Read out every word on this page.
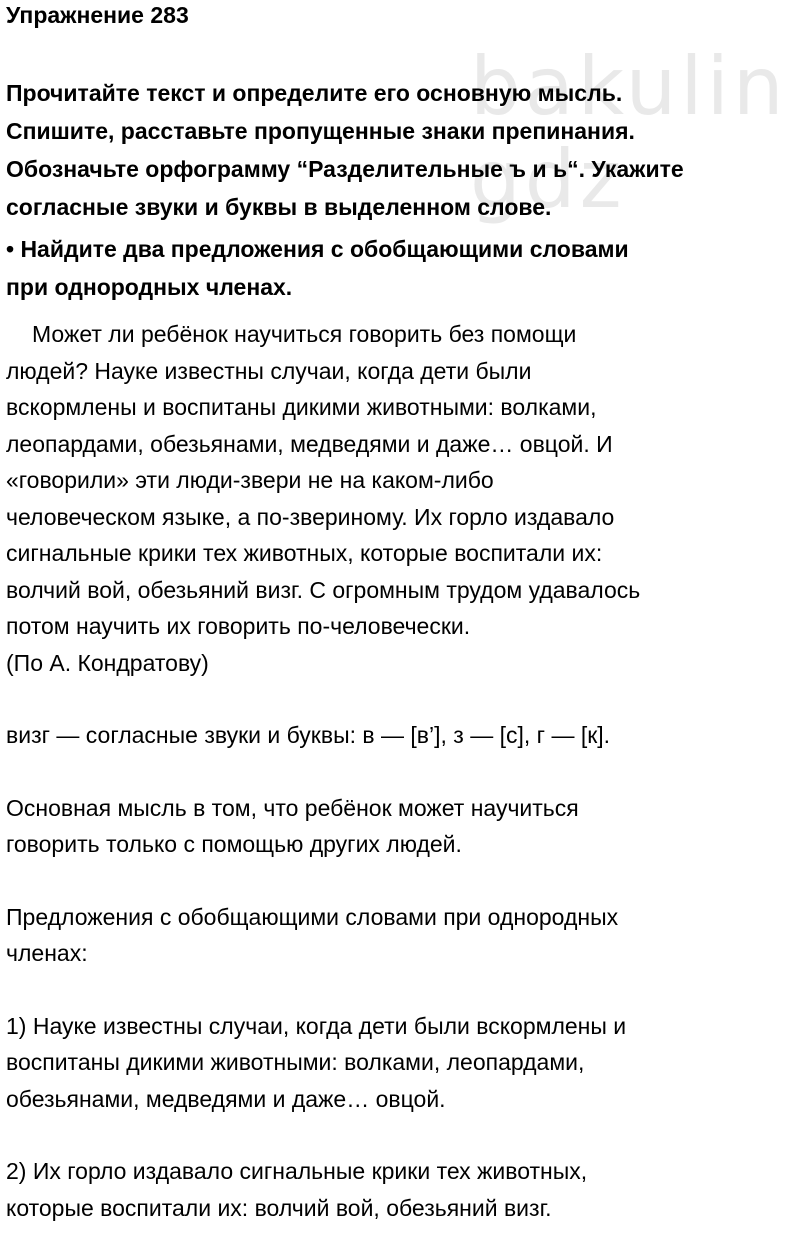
bakulin gdz
Упражнение 283

Прочитайте текст и определите его основную мысль.
Спишите, расставьте пропущенные знаки препинания.
Обозначьте орфограмму “Разделительные ъ и ь“. Укажите
согласные звуки и буквы в выделенном слове.

• Найдите два предложения с обобщающими словами
при однородных членах.

Может ли ребёнок научиться говорить без помощи
людей? Науке известны случаи, когда дети были
вскормлены и воспитаны дикими животными: волками,
леопардами, обезьянами, медведями и даже… овцой. И
«говорили» эти люди-звери не на каком-либо
человеческом языке, а по-звериному. Их горло издавало
сигнальные крики тех животных, которые воспитали их:
волчий вой, обезьяний визг. С огромным трудом удавалось
потом научить их говорить по-человечески.
(По А. Кондратову)

визг — согласные звуки и буквы: в — [в’], з — [с], г — [к].

Основная мысль в том, что ребёнок может научиться
говорить только с помощью других людей.

Предложения с обобщающими словами при однородных
членах:

1) Науке известны случаи, когда дети были вскормлены и
воспитаны дикими животными: волками, леопардами,
обезьянами, медведями и даже… овцой.

2) Их горло издавало сигнальные крики тех животных,
которые воспитали их: волчий вой, обезьяний визг.
